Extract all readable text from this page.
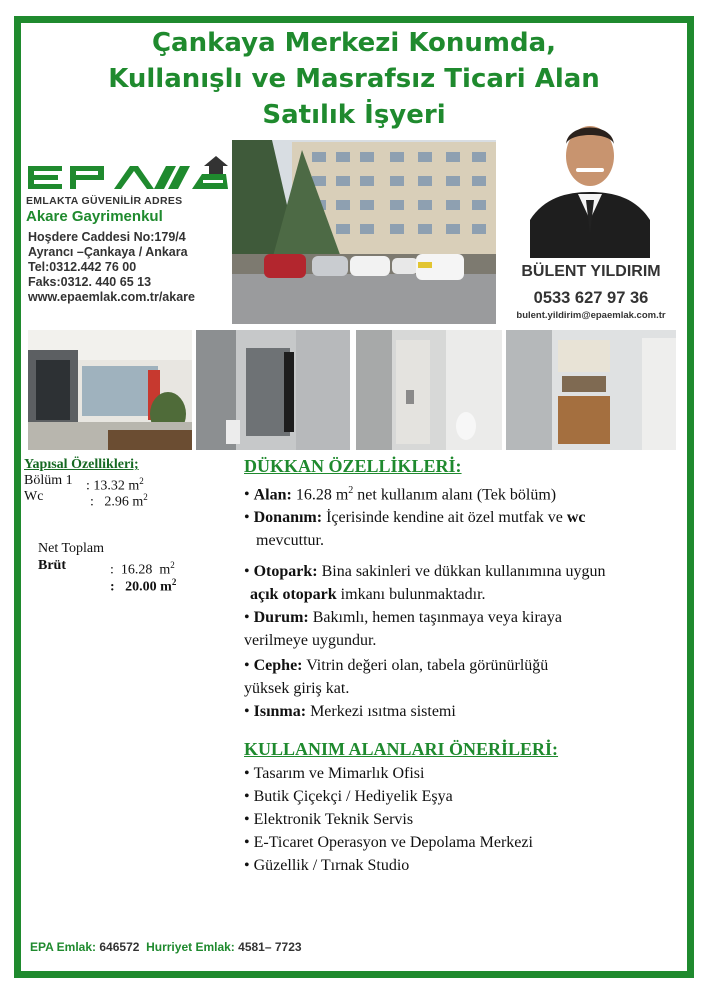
Çankaya Merkezi Konumda,
Kullanışlı ve Masrafsız Ticari Alan
Satılık İşyeri
EMLAKTA GÜVENİLİR ADRES
Akare Gayrimenkul
Hoşdere Caddesi No:179/4
Ayrancı –Çankaya / Ankara
Tel:0312.442 76 00
Faks:0312. 440 65 13
www.epaemlak.com.tr/akare
BÜLENT YILDIRIM
0533 627 97 36
bulent.yildirim@epaemlak.com.tr
Yapısal Özellikleri;
Bölüm 1 : 13.32 $m^2$
Wc	:   2.96 $m^2$

Net Toplam

:  16.28  $m^2$

Brüt

:   20.00 $m^2$

DÜKKAN ÖZELLİKLERİ:
• Alan: 16.28 $m^2$ net kullanım alanı (Tek bölüm)
• Donanım: İçerisinde kendine ait özel mutfak ve wc
mevcuttur.
• Otopark: Bina sakinleri ve dükkan kullanımına uygun
açık otopark imkanı bulunmaktadır.
• Durum: Bakımlı, hemen taşınmaya veya kiraya
verilmeye uygundur.
• Cephe: Vitrin değeri olan, tabela görünürlüğü
yüksek giriş kat.
• Isınma: Merkezi ısıtma sistemi
KULLANIM ALANLARI ÖNERİLERİ:
• Tasarım ve Mimarlık Ofisi
• Butik Çiçekçi / Hediyelik Eşya
• Elektronik Teknik Servis
• E-Ticaret Operasyon ve Depolama Merkezi
• Güzellik / Tırnak Studio
EPA Emlak: 646572 Hurriyet Emlak: 4581– 7723
